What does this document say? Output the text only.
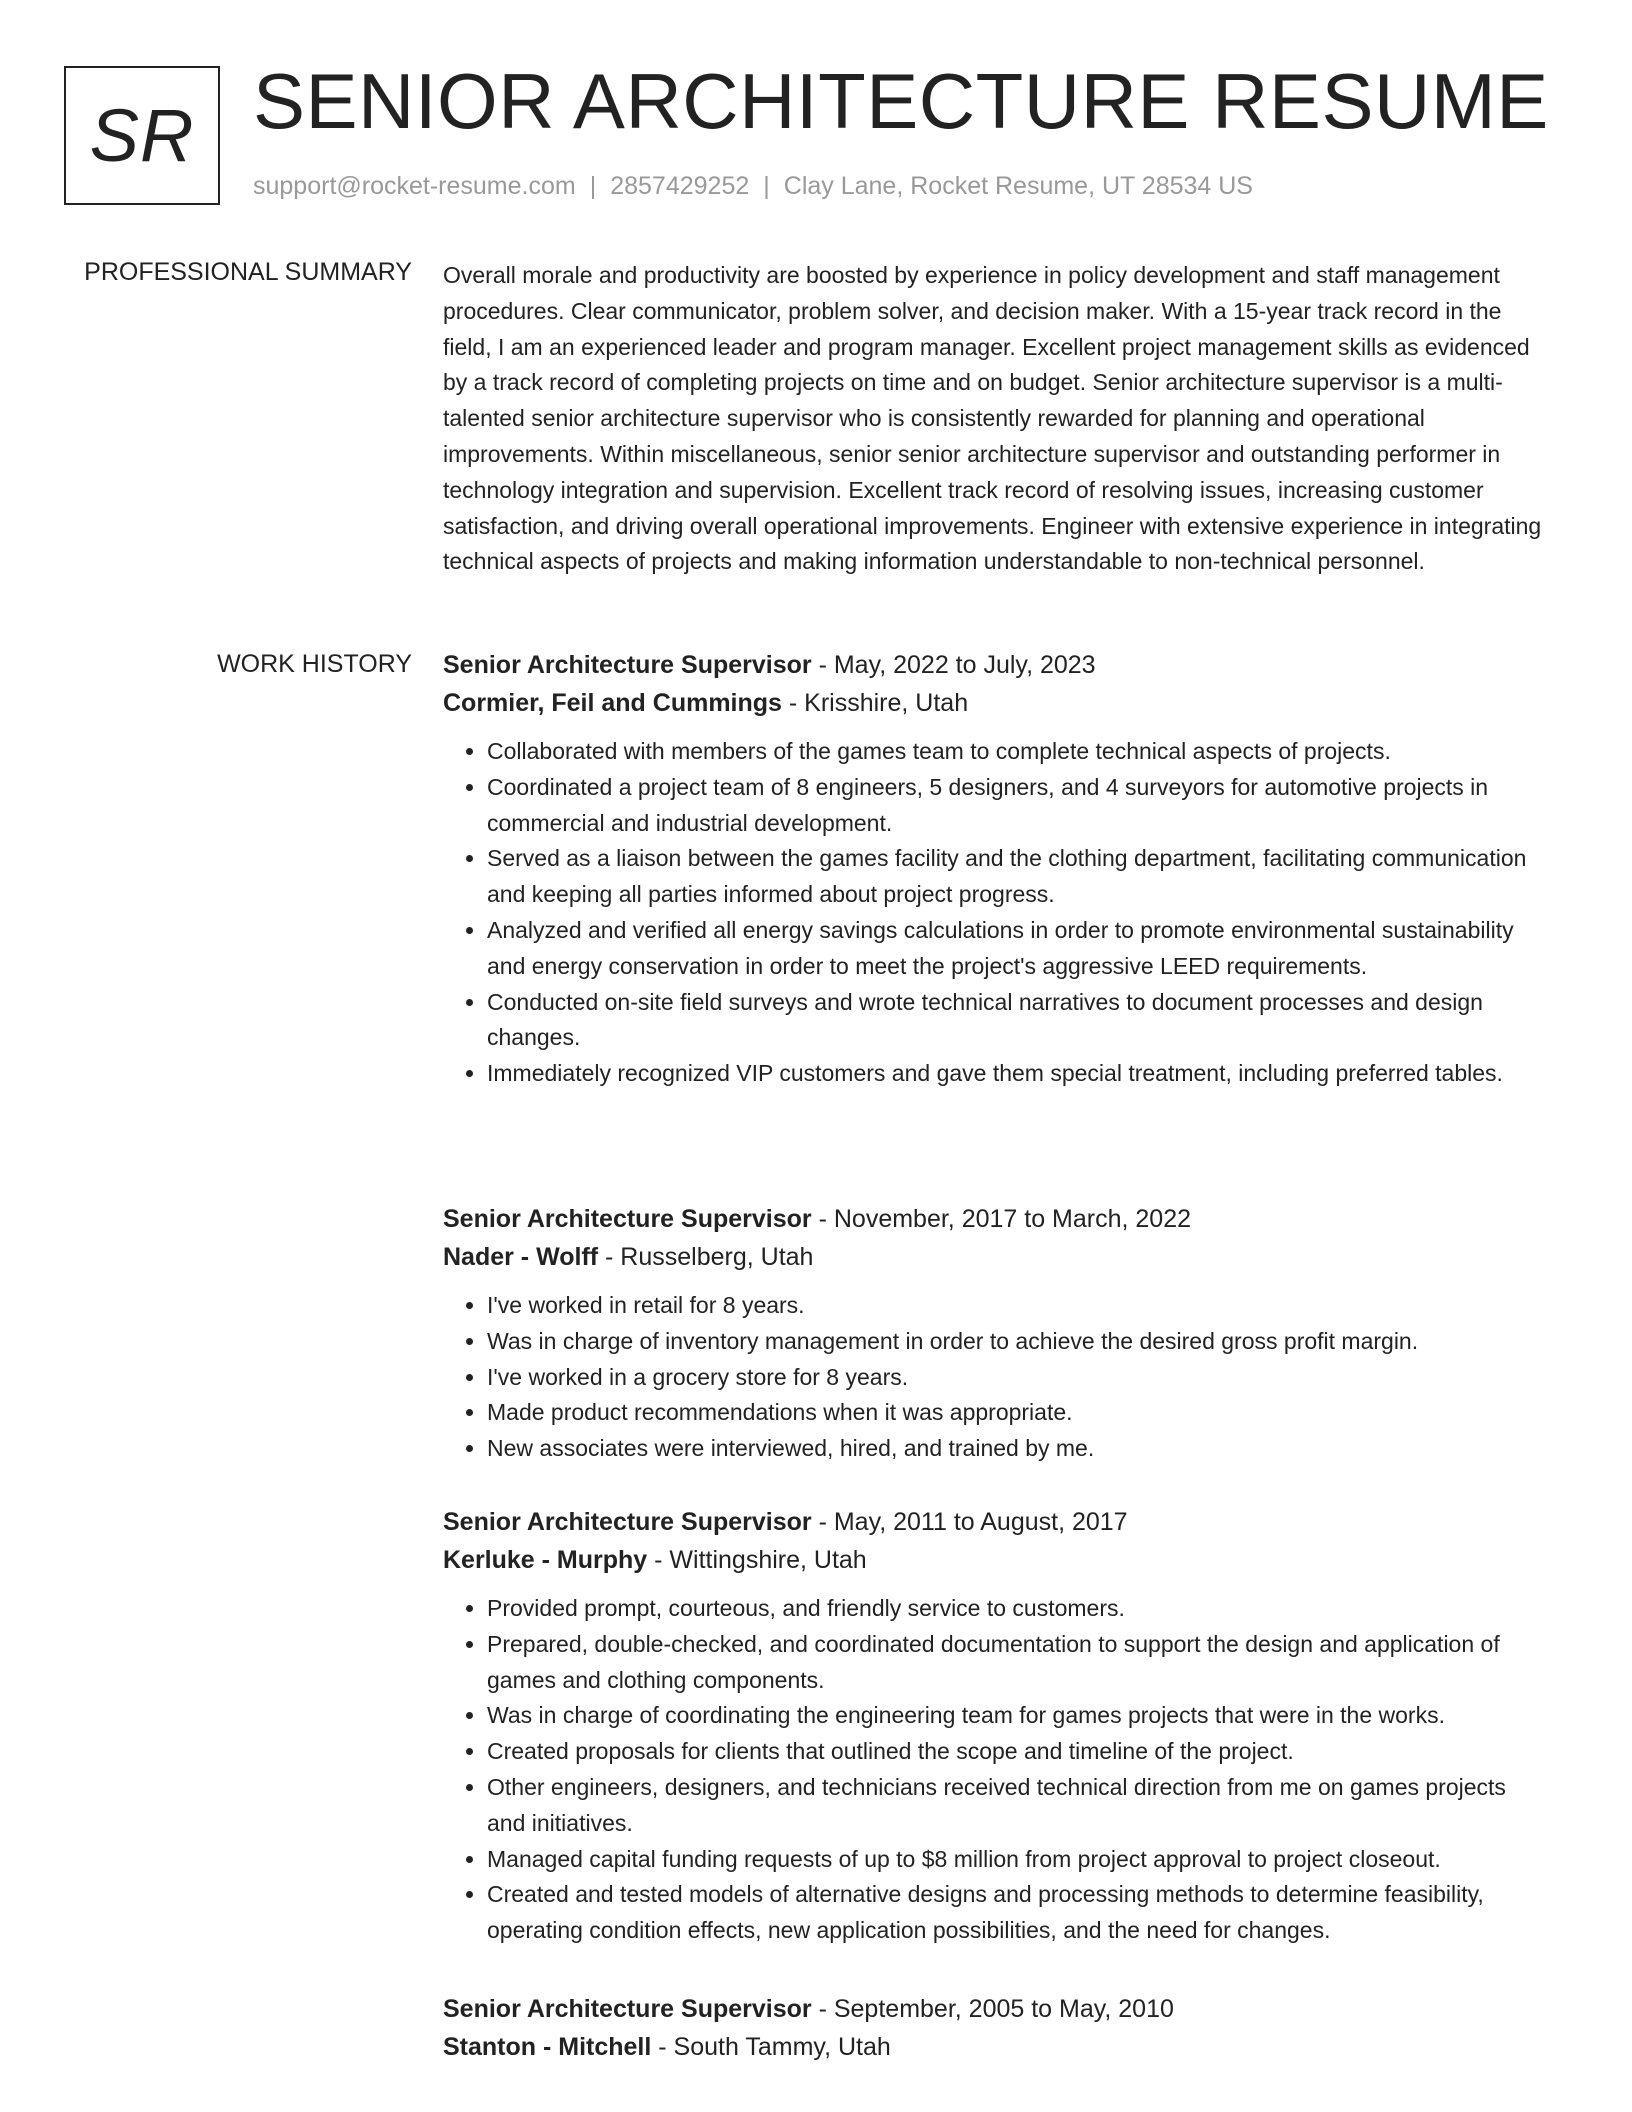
SR SENIOR ARCHITECTURE RESUME
support@rocket-resume.com | 2857429252 | Clay Lane, Rocket Resume, UT 28534 US
PROFESSIONAL SUMMARY Overall morale and productivity are boosted by experience in policy development and staff management procedures. Clear communicator, problem solver, and decision maker. With a 15-year track record in the field, I am an experienced leader and program manager. Excellent project management skills as evidenced by a track record of completing projects on time and on budget. Senior architecture supervisor is a multi-talented senior architecture supervisor who is consistently rewarded for planning and operational improvements. Within miscellaneous, senior senior architecture supervisor and outstanding performer in technology integration and supervision. Excellent track record of resolving issues, increasing customer satisfaction, and driving overall operational improvements. Engineer with extensive experience in integrating technical aspects of projects and making information understandable to non-technical personnel.

WORK HISTORY Senior Architecture Supervisor - May, 2022 to July, 2023
Cormier, Feil and Cummings - Krisshire, Utah
• Collaborated with members of the games team to complete technical aspects of projects.
• Coordinated a project team of 8 engineers, 5 designers, and 4 surveyors for automotive projects in commercial and industrial development.
• Served as a liaison between the games facility and the clothing department, facilitating communication and keeping all parties informed about project progress.
• Analyzed and verified all energy savings calculations in order to promote environmental sustainability and energy conservation in order to meet the project's aggressive LEED requirements.
• Conducted on-site field surveys and wrote technical narratives to document processes and design changes.
• Immediately recognized VIP customers and gave them special treatment, including preferred tables.
Senior Architecture Supervisor - November, 2017 to March, 2022
Nader - Wolff - Russelberg, Utah
• I've worked in retail for 8 years.
• Was in charge of inventory management in order to achieve the desired gross profit margin.
• I've worked in a grocery store for 8 years.
• Made product recommendations when it was appropriate.
• New associates were interviewed, hired, and trained by me.
Senior Architecture Supervisor - May, 2011 to August, 2017
Kerluke - Murphy - Wittingshire, Utah
• Provided prompt, courteous, and friendly service to customers.
• Prepared, double-checked, and coordinated documentation to support the design and application of games and clothing components.
• Was in charge of coordinating the engineering team for games projects that were in the works.
• Created proposals for clients that outlined the scope and timeline of the project.
• Other engineers, designers, and technicians received technical direction from me on games projects and initiatives.
• Managed capital funding requests of up to $8 million from project approval to project closeout.
• Created and tested models of alternative designs and processing methods to determine feasibility, operating condition effects, new application possibilities, and the need for changes.
Senior Architecture Supervisor - September, 2005 to May, 2010
Stanton - Mitchell - South Tammy, Utah
